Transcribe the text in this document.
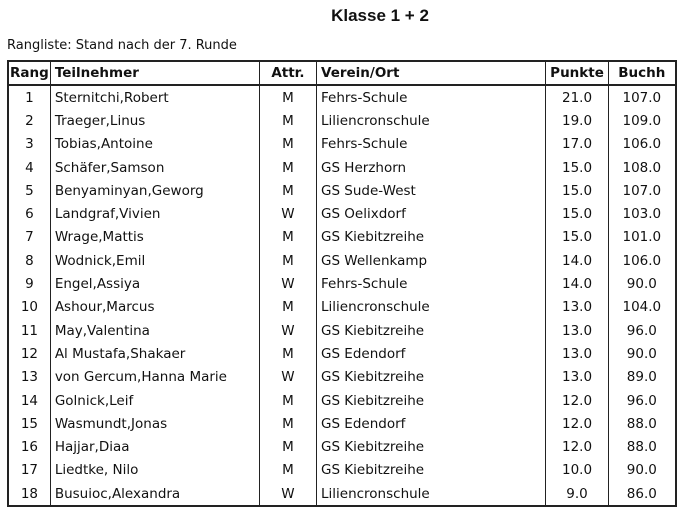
Klasse 1 + 2
Rangliste: Stand nach der 7. Runde
Rang	Teilnehmer	Attr.	Verein/Ort	Punkte	Buchh
1	Sternitchi,Robert	M	Fehrs-Schule	21.0	107.0
2	Traeger,Linus	M	Liliencronschule	19.0	109.0
3	Tobias,Antoine	M	Fehrs-Schule	17.0	106.0
4	Schäfer,Samson	M	GS Herzhorn	15.0	108.0
5	Benyaminyan,Geworg	M	GS Sude-West	15.0	107.0
6	Landgraf,Vivien	W	GS Oelixdorf	15.0	103.0
7	Wrage,Mattis	M	GS Kiebitzreihe	15.0	101.0
8	Wodnick,Emil	M	GS Wellenkamp	14.0	106.0
9	Engel,Assiya	W	Fehrs-Schule	14.0	90.0
10	Ashour,Marcus	M	Liliencronschule	13.0	104.0
11	May,Valentina	W	GS Kiebitzreihe	13.0	96.0
12	Al Mustafa,Shakaer	M	GS Edendorf	13.0	90.0
13	von Gercum,Hanna Marie	W	GS Kiebitzreihe	13.0	89.0
14	Golnick,Leif	M	GS Kiebitzreihe	12.0	96.0
15	Wasmundt,Jonas	M	GS Edendorf	12.0	88.0
16	Hajjar,Diaa	M	GS Kiebitzreihe	12.0	88.0
17	Liedtke, Nilo	M	GS Kiebitzreihe	10.0	90.0
18	Busuioc,Alexandra	W	Liliencronschule	9.0	86.0
